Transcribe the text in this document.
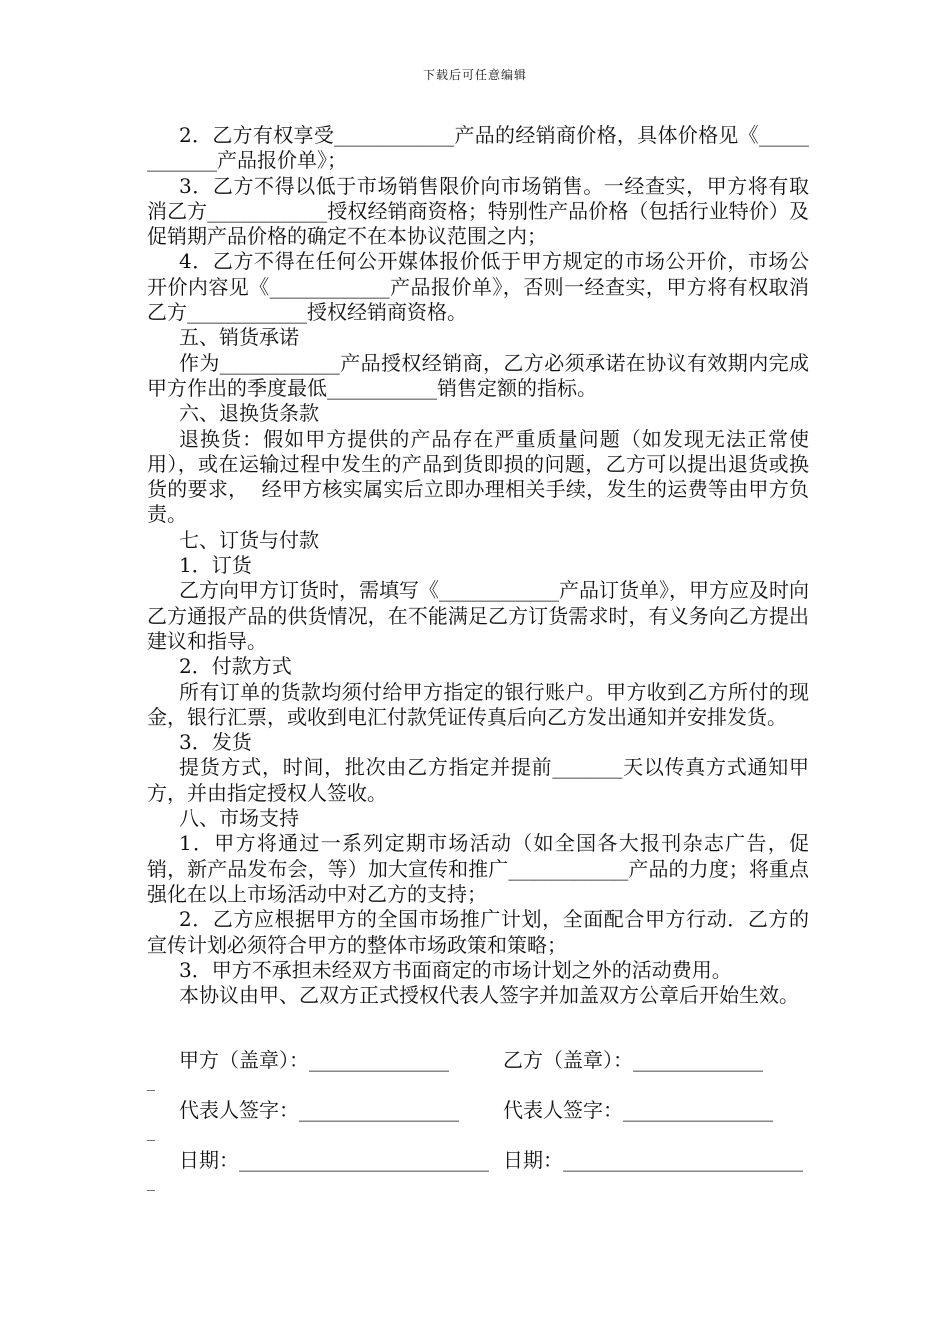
下载后可任意编辑

2．乙方有权享受____________产品的经销商价格，具体价格见《____________产品报价单》；

3．乙方不得以低于市场销售限价向市场销售。一经查实，甲方将有取消乙方____________授权经销商资格；特别性产品价格（包括行业特价）及促销期产品价格的确定不在本协议范围之内；

4．乙方不得在任何公开媒体报价低于甲方规定的市场公开价，市场公开价内容见《____________产品报价单》，否则一经查实，甲方将有权取消乙方____________授权经销商资格。

五、销货承诺

作为____________产品授权经销商，乙方必须承诺在协议有效期内完成甲方作出的季度最低___________销售定额的指标。

六、退换货条款

退换货：假如甲方提供的产品存在严重质量问题（如发现无法正常使用），或在运输过程中发生的产品到货即损的问题，乙方可以提出退货或换货的要求，  经甲方核实属实后立即办理相关手续，发生的运费等由甲方负责。

七、订货与付款

1．订货

乙方向甲方订货时，需填写《____________产品订货单》，甲方应及时向乙方通报产品的供货情况，在不能满足乙方订货需求时，有义务向乙方提出建议和指导。

2．付款方式

所有订单的货款均须付给甲方指定的银行账户。甲方收到乙方所付的现金，银行汇票，或收到电汇付款凭证传真后向乙方发出通知并安排发货。

3．发货

提货方式，时间，批次由乙方指定并提前_______天以传真方式通知甲方，并由指定授权人签收。

八、市场支持

1．甲方将通过一系列定期市场活动（如全国各大报刊杂志广告，促销，新产品发布会，等）加大宣传和推广____________产品的力度；将重点强化在以上市场活动中对乙方的支持；

2．乙方应根据甲方的全国市场推广计划，全面配合甲方行动．乙方的宣传计划必须符合甲方的整体市场政策和策略；

3．甲方不承担未经双方书面商定的市场计划之外的活动费用。

本协议由甲、乙双方正式授权代表人签字并加盖双方公章后开始生效。

甲方（盖章）：______________	乙方（盖章）：_____________
_
代表人签字：________________ 代表人签字：_______________
_
日期：_________________________ 日期：________________________
_
